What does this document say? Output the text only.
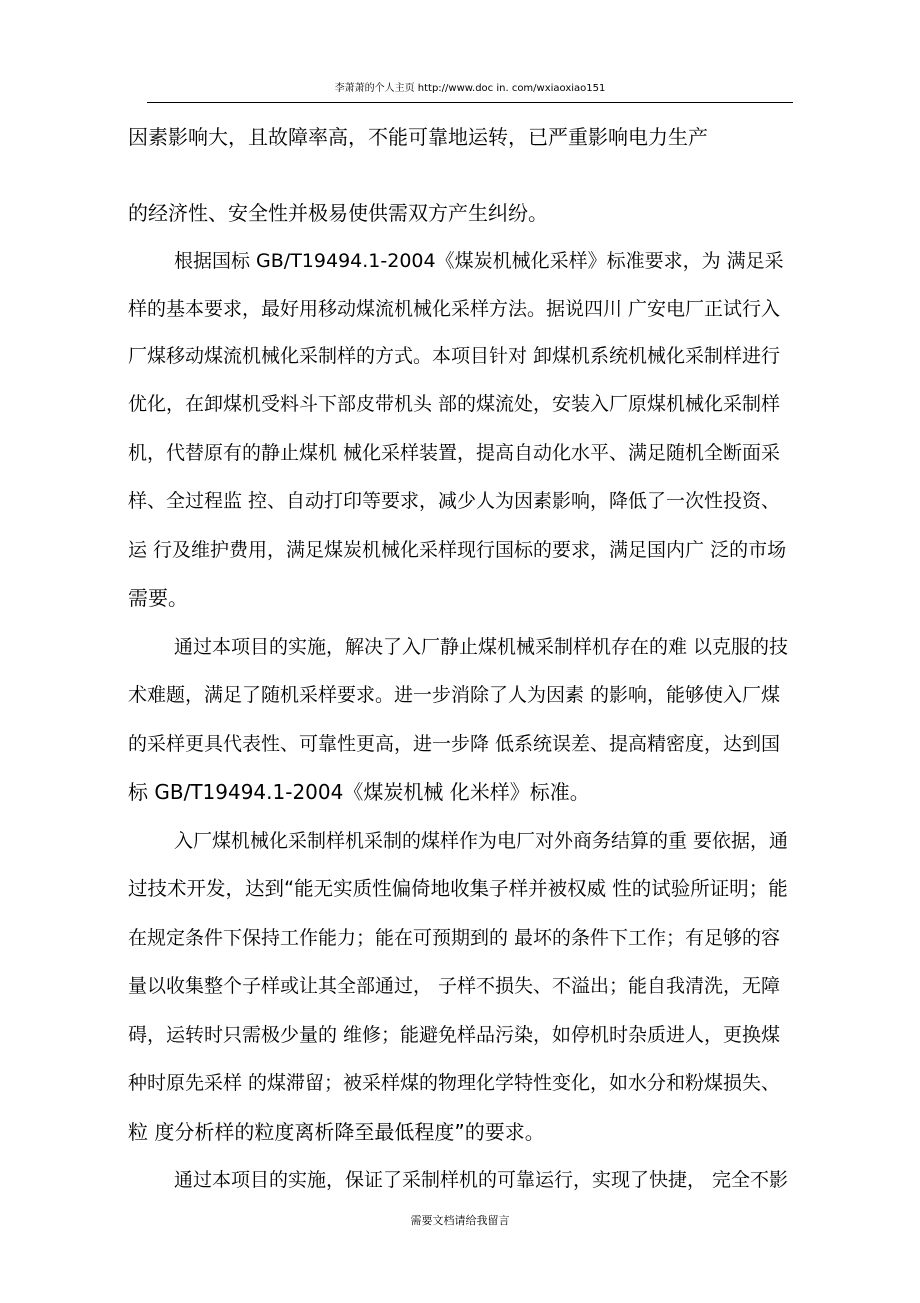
李萧萧的个人主页 http://www.doc in. com/wxiaoxiao151
因素影响大，且故障率高，不能可靠地运转，已严重影响电力生产
的经济性、安全性并极易使供需双方产生纠纷。
根据国标 GB/T19494.1-2004《煤炭机械化采样》标准要求，为 满足采
样的基本要求，最好用移动煤流机械化采样方法。据说四川 广安电厂正试行入
厂煤移动煤流机械化采制样的方式。本项目针对 卸煤机系统机械化采制样进行
优化，在卸煤机受料斗下部皮带机头 部的煤流处，安装入厂原煤机械化采制样
机，代替原有的静止煤机 械化采样装置，提高自动化水平、满足随机全断面采
样、全过程监 控、自动打印等要求，减少人为因素影响，降低了一次性投资、
运 行及维护费用，满足煤炭机械化采样现行国标的要求，满足国内广 泛的市场
需要。
通过本项目的实施，解决了入厂静止煤机械采制样机存在的难 以克服的技
术难题，满足了随机采样要求。进一步消除了人为因素 的影响，能够使入厂煤
的采样更具代表性、可靠性更高，进一步降 低系统误差、提高精密度，达到国
标 GB/T19494.1-2004《煤炭机械 化米样》标准。
入厂煤机械化采制样机采制的煤样作为电厂对外商务结算的重 要依据，通
过技术开发，达到“能无实质性偏倚地收集子样并被权威 性的试验所证明；能
在规定条件下保持工作能力；能在可预期到的 最坏的条件下工作；有足够的容
量以收集整个子样或让其全部通过， 子样不损失、不溢出；能自我清洗，无障
碍，运转时只需极少量的 维修；能避免样品污染，如停机时杂质进人，更换煤
种时原先采样 的煤滞留；被采样煤的物理化学特性变化，如水分和粉煤损失、
粒 度分析样的粒度离析降至最低程度”的要求。
通过本项目的实施，保证了采制样机的可靠运行，实现了快捷， 完全不影
需要文档请给我留言
